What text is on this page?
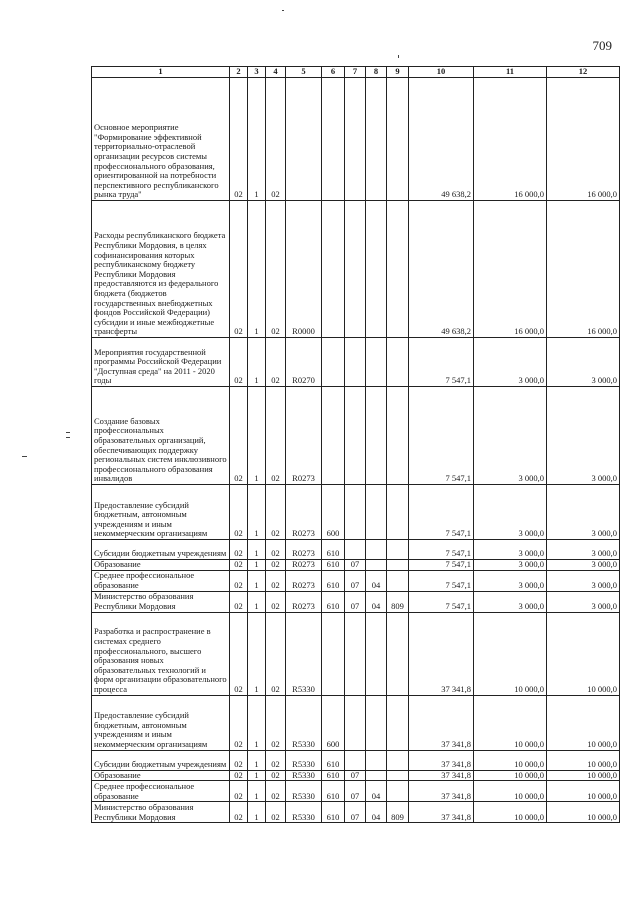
709
1	2	3	4	5	6	7	8	9	10	11	12
Основное мероприятие "Формирование эффективной территориально-отраслевой организации ресурсов системы профессионального образования, ориентированной на потребности перспективного республиканского рынка труда"	02	1	02						49 638,2	16 000,0	16 000,0
Расходы республиканского бюджета Республики Мордовия, в целях софинансирования которых республиканскому бюджету Республики Мордовия предоставляются из федерального бюджета (бюджетов государственных внебюджетных фондов Российской Федерации) субсидии и иные межбюджетные трансферты	02	1	02	R0000					49 638,2	16 000,0	16 000,0
Мероприятия государственной программы Российской Федерации "Доступная среда" на 2011 - 2020 годы	02	1	02	R0270					7 547,1	3 000,0	3 000,0
Создание базовых профессиональных образовательных организаций, обеспечивающих поддержку региональных систем инклюзивного профессионального образования инвалидов	02	1	02	R0273					7 547,1	3 000,0	3 000,0
Предоставление субсидий бюджетным, автономным учреждениям и иным некоммерческим организациям	02	1	02	R0273	600				7 547,1	3 000,0	3 000,0
Субсидии бюджетным учреждениям	02	1	02	R0273	610				7 547,1	3 000,0	3 000,0
Образование	02	1	02	R0273	610	07			7 547,1	3 000,0	3 000,0
Среднее профессиональное образование	02	1	02	R0273	610	07	04		7 547,1	3 000,0	3 000,0
Министерство образования Республики Мордовия	02	1	02	R0273	610	07	04	809	7 547,1	3 000,0	3 000,0
Разработка и распространение в системах среднего профессионального, высшего образования новых образовательных технологий и форм организации образовательного процесса	02	1	02	R5330					37 341,8	10 000,0	10 000,0
Предоставление субсидий бюджетным, автономным учреждениям и иным некоммерческим организациям	02	1	02	R5330	600				37 341,8	10 000,0	10 000,0
Субсидии бюджетным учреждениям	02	1	02	R5330	610				37 341,8	10 000,0	10 000,0
Образование	02	1	02	R5330	610	07			37 341,8	10 000,0	10 000,0
Среднее профессиональное образование	02	1	02	R5330	610	07	04		37 341,8	10 000,0	10 000,0
Министерство образования Республики Мордовия	02	1	02	R5330	610	07	04	809	37 341,8	10 000,0	10 000,0
